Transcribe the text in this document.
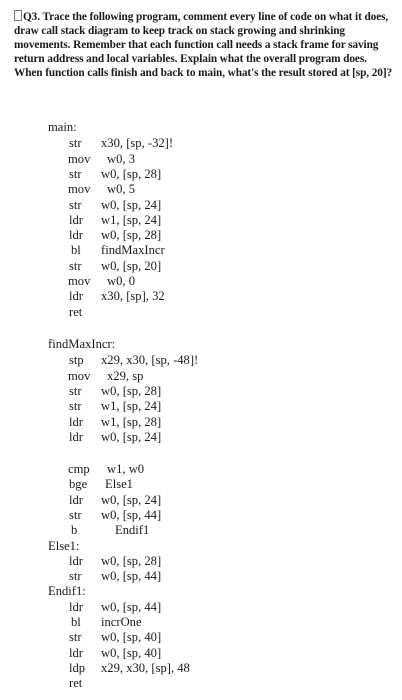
Q3. Trace the following program, comment every line of code on what it does, draw call stack diagram to keep track on stack growing and shrinking movements. Remember that each function call needs a stack frame for saving return address and local variables. Explain what the overall program does. When function calls finish and back to main, what's the result stored at [sp, 20]?
main:
str x30, [sp, -32]!
mov w0, 3
str w0, [sp, 28]
mov w0, 5
str w0, [sp, 24]
ldr w1, [sp, 24]
ldr w0, [sp, 28]
bl findMaxIncr
str w0, [sp, 20]
mov w0, 0
ldr x30, [sp], 32
ret
findMaxIncr:
stp x29, x30, [sp, -48]!
mov x29, sp
str w0, [sp, 28]
str w1, [sp, 24]
ldr w1, [sp, 28]
ldr w0, [sp, 24]
cmp w1, w0
bge Else1
ldr w0, [sp, 24]
str w0, [sp, 44]
b	Endif1
Else1:
ldr w0, [sp, 28]
str w0, [sp, 44]
Endif1:
ldr w0, [sp, 44]
bl incrOne
str w0, [sp, 40]
ldr w0, [sp, 40]
ldp x29, x30, [sp], 48
ret
